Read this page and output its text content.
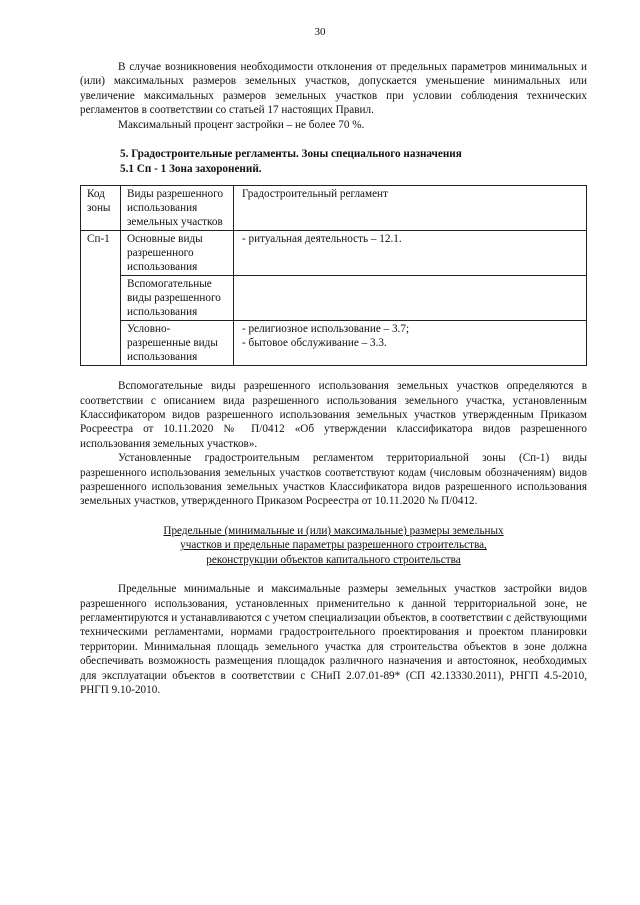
30

В случае возникновения необходимости отклонения от предельных параметров минимальных и (или) максимальных размеров земельных участков, допускается уменьшение минимальных или увеличение максимальных размеров земельных участков при условии соблюдения технических регламентов в соответствии со статьей 17 настоящих Правил.

Максимальный процент застройки – не более 70 %.

5. Градостроительные регламенты. Зоны специального назначения
5.1 Сп - 1 Зона захоронений.
Код зоны	Виды разрешенного использования земельных участков	Градостроительный регламент
Сп-1	Основные виды разрешенного использования	- ритуальная деятельность – 12.1.

	Вспомогательные виды разрешенного использования	
	Условно-разрешенные виды использования	- религиозное использование – 3.7;
- бытовое обслуживание – 3.3.

Вспомогательные виды разрешенного использования земельных участков определяются в соответствии с описанием вида разрешенного использования земельного участка, установленным Классификатором видов разрешенного использования земельных участков утвержденным Приказом Росреестра от 10.11.2020 № П/0412 «Об утверждении классификатора видов разрешенного использования земельных участков».

Установленные градостроительным регламентом территориальной зоны (Сп-1) виды разрешенного использования земельных участков соответствуют кодам (числовым обозначениям) видов разрешенного использования земельных участков Классификатора видов разрешенного использования земельных участков, утвержденного Приказом Росреестра от 10.11.2020 № П/0412.

Предельные (минимальные и (или) максимальные) размеры земельных

участков и предельные параметры разрешенного строительства,

реконструкции объектов капитального строительства

Предельные минимальные и максимальные размеры земельных участков застройки видов разрешенного использования, установленных применительно к данной территориальной зоне, не регламентируются и устанавливаются с учетом специализации объектов, в соответствии с действующими техническими регламентами, нормами градостроительного проектирования и проектом планировки территории. Минимальная площадь земельного участка для строительства объектов в зоне должна обеспечивать возможность размещения площадок различного назначения и автостоянок, необходимых для эксплуатации объектов в соответствии с СНиП 2.07.01-89* (СП 42.13330.2011), РНГП 4.5-2010, РНГП 9.10-2010.
